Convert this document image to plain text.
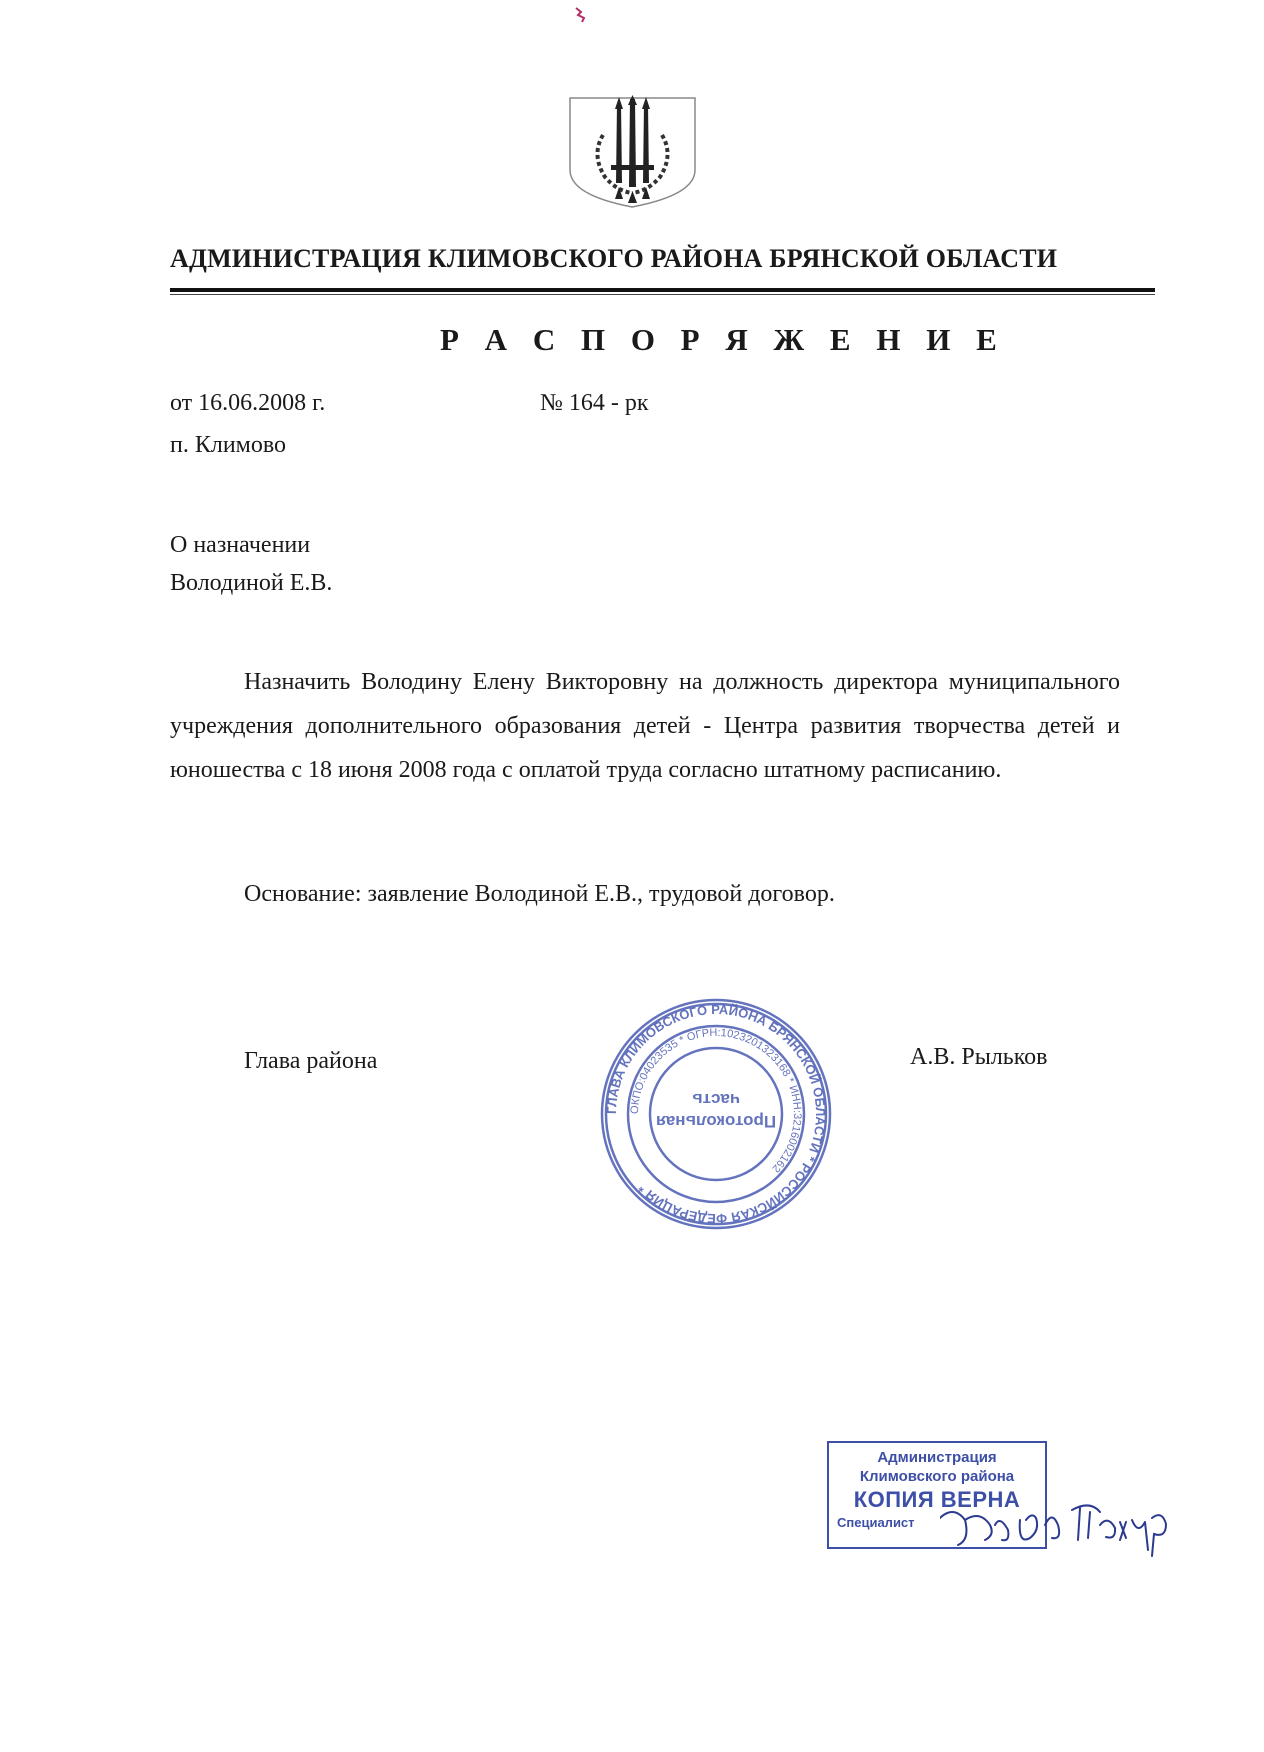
АДМИНИСТРАЦИЯ КЛИМОВСКОГО РАЙОНА БРЯНСКОЙ ОБЛАСТИ
Р А С П О Р Я Ж Е Н И Е
от 16.06.2008 г.	№ 164 - рк
п. Климово
О назначении
Володиной Е.В.
Назначить Володину Елену Викторовну на должность директора муниципального учреждения дополнительного образования детей - Центра развития творчества детей и юношества с 18 июня 2008 года с оплатой труда согласно штатному расписанию.
Основание: заявление Володиной Е.В., трудовой договор.
Глава района	А.В. Рыльков
ГЛАВА КЛИМОВСКОГО РАЙОНА БРЯНСКОЙ ОБЛАСТИ * РОССИЙСКАЯ ФЕДЕРАЦИЯ *
ОКПО:04023535 * ОГРН:1023201323168 * ИНН:3216002162
Протокольная
часть
Администрация
Климовского района
КОПИЯ ВЕРНА
Специалист
